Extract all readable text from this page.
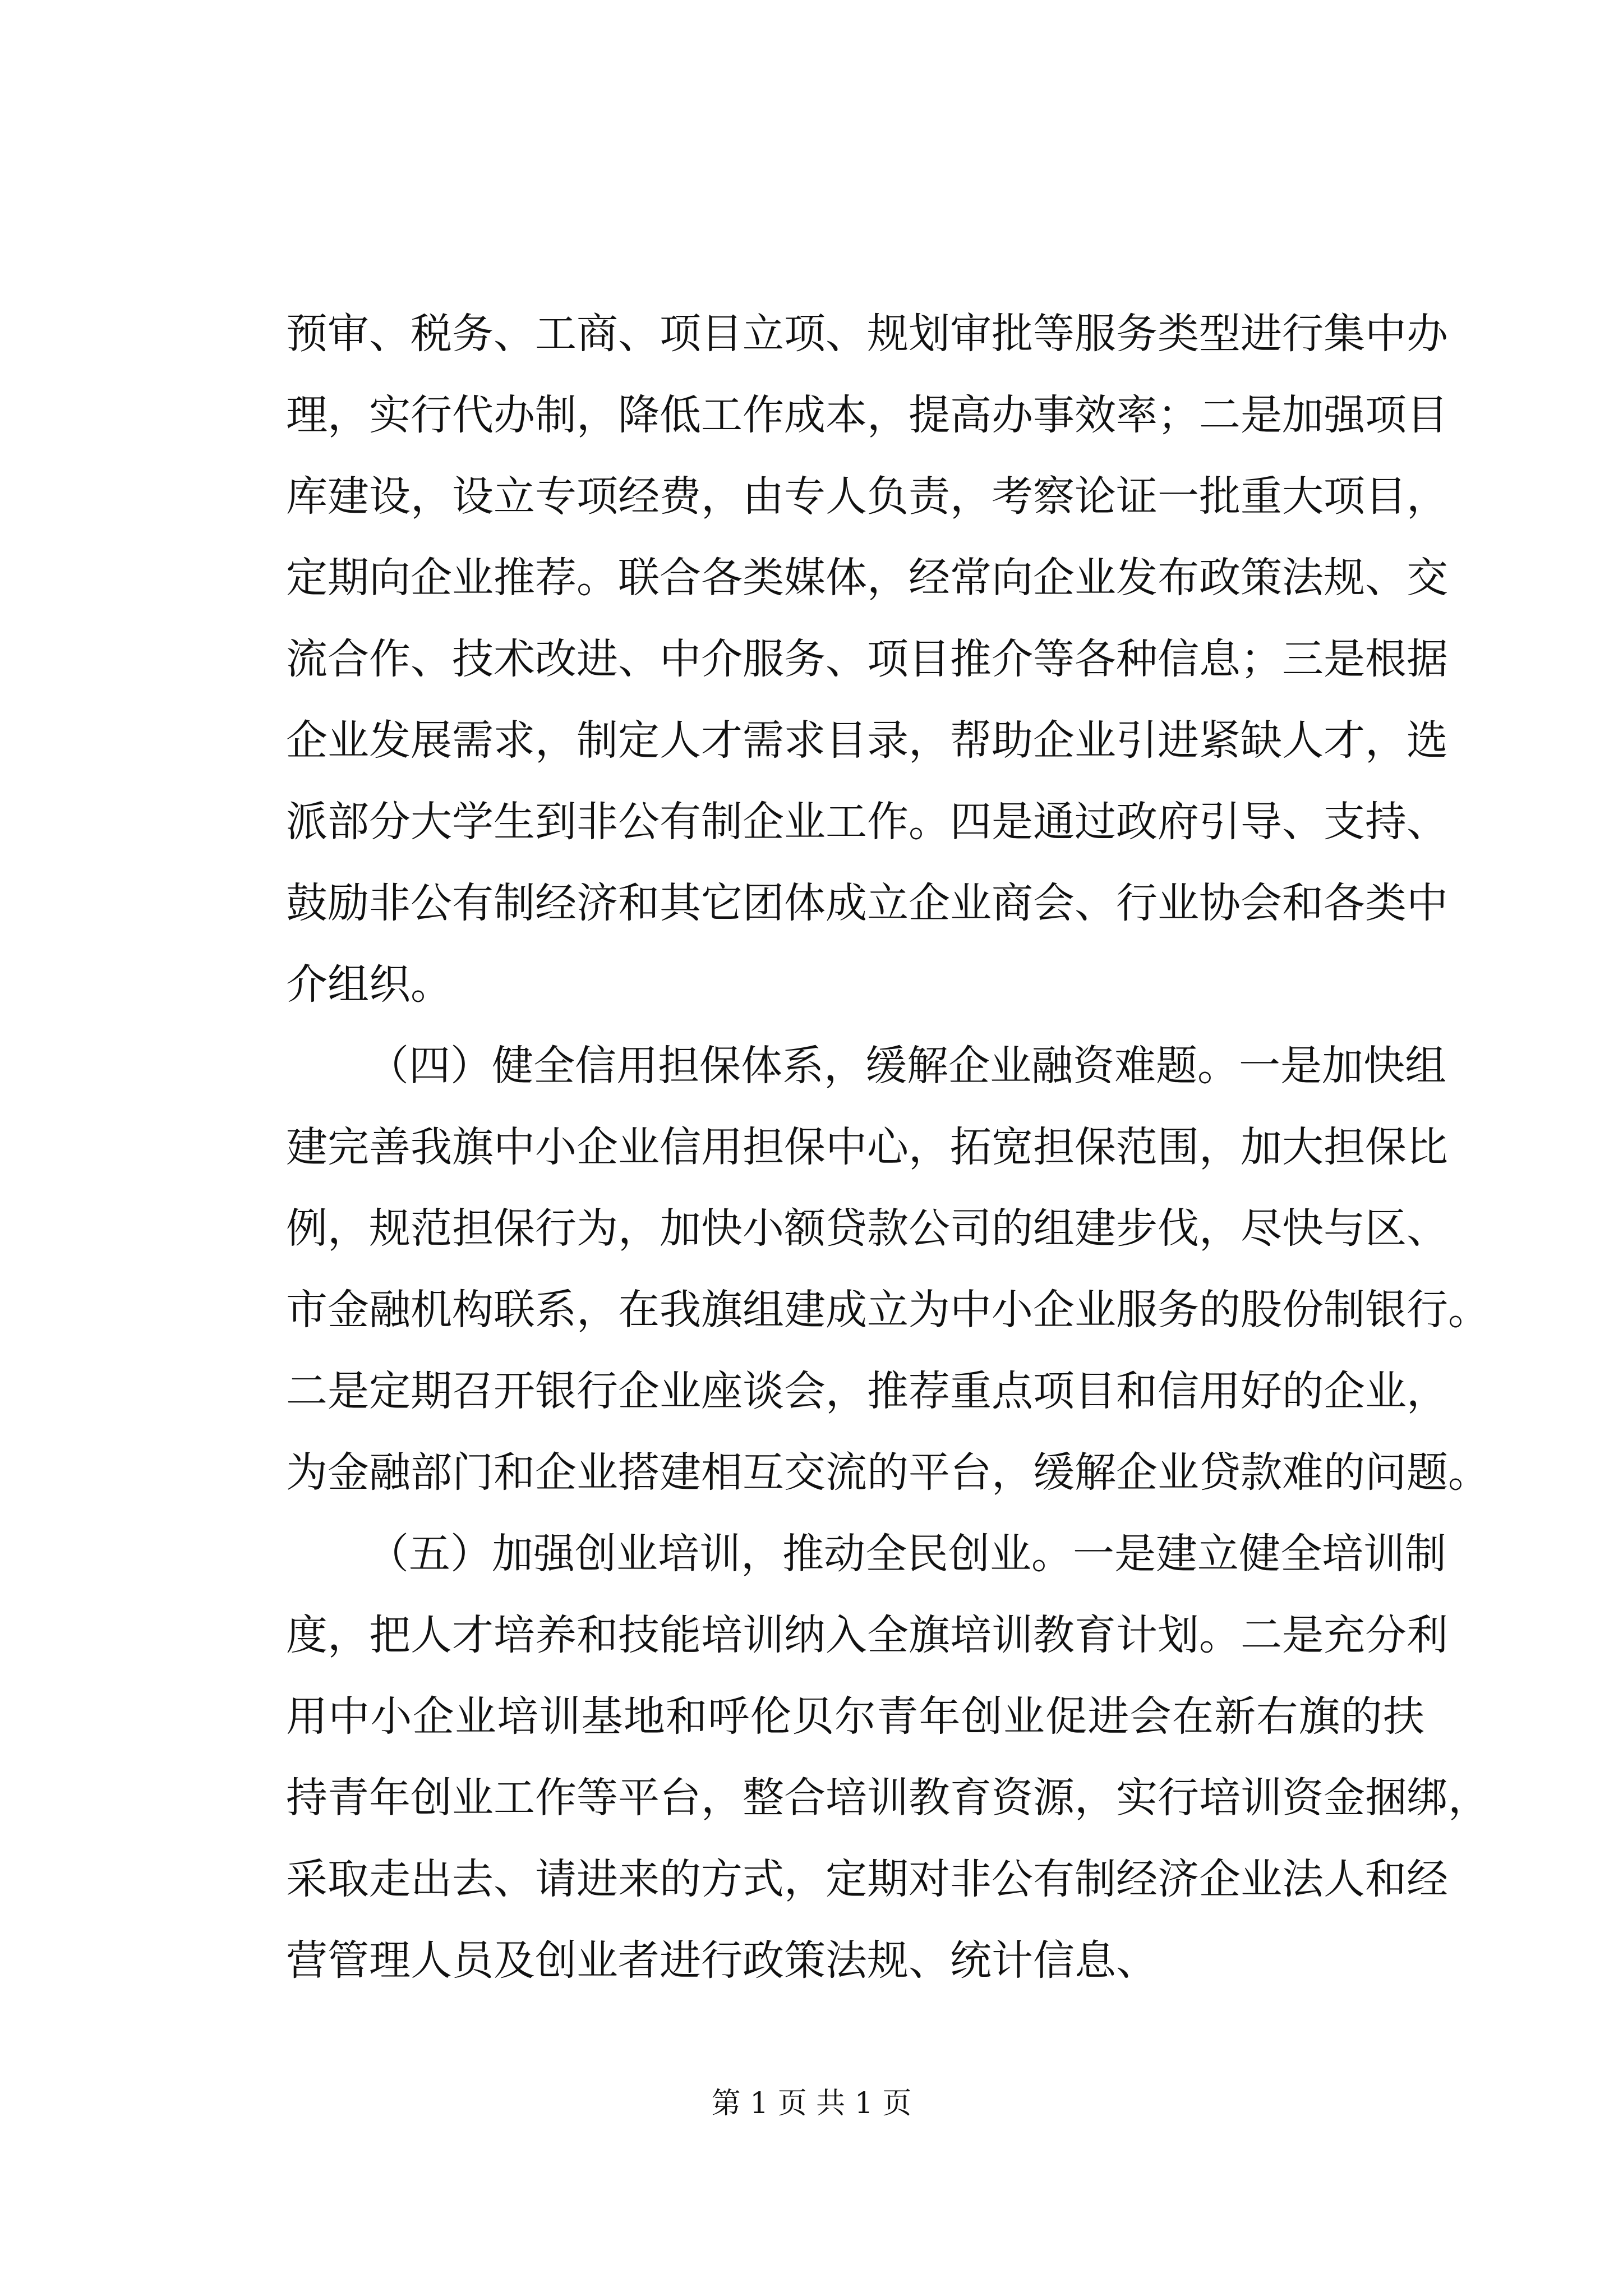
预审、税务、工商、项目立项、规划审批等服务类型进行集中办
理，实行代办制，降低工作成本，提高办事效率；二是加强项目
库建设，设立专项经费，由专人负责，考察论证一批重大项目，
定期向企业推荐。联合各类媒体，经常向企业发布政策法规、交
流合作、技术改进、中介服务、项目推介等各种信息；三是根据
企业发展需求，制定人才需求目录，帮助企业引进紧缺人才，选
派部分大学生到非公有制企业工作。四是通过政府引导、支持、
鼓励非公有制经济和其它团体成立企业商会、行业协会和各类中
介组织。
（四）健全信用担保体系，缓解企业融资难题。一是加快组
建完善我旗中小企业信用担保中心，拓宽担保范围，加大担保比
例，规范担保行为，加快小额贷款公司的组建步伐，尽快与区、
市金融机构联系，在我旗组建成立为中小企业服务的股份制银行。
二是定期召开银行企业座谈会，推荐重点项目和信用好的企业，
为金融部门和企业搭建相互交流的平台，缓解企业贷款难的问题。
（五）加强创业培训，推动全民创业。一是建立健全培训制
度，把人才培养和技能培训纳入全旗培训教育计划。二是充分利
用中小企业培训基地和呼伦贝尔青年创业促进会在新右旗的扶
持青年创业工作等平台，整合培训教育资源，实行培训资金捆绑，
采取走出去、请进来的方式，定期对非公有制经济企业法人和经
营管理人员及创业者进行政策法规、统计信息、
第 1 页 共 1 页
